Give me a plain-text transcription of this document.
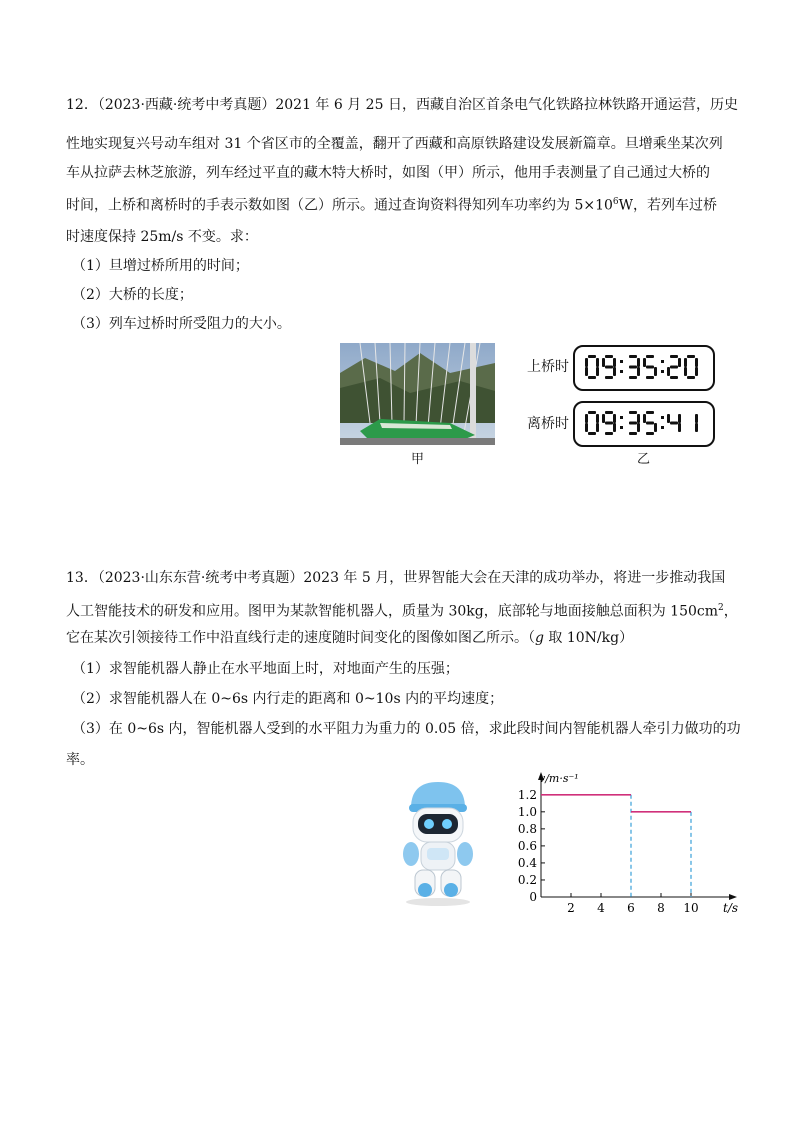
12．（2023·西藏·统考中考真题）2021 年 6 月 25 日，西藏自治区首条电气化铁路拉林铁路开通运营，历史
性地实现复兴号动车组对 31 个省区市的全覆盖，翻开了西藏和高原铁路建设发展新篇章。旦增乘坐某次列
车从拉萨去林芝旅游，列车经过平直的藏木特大桥时，如图（甲）所示，他用手表测量了自己通过大桥的
时间，上桥和离桥时的手表示数如图（乙）所示。通过查询资料得知列车功率约为 $5\times 10^6W$，若列车过桥
时速度保持 25m/s 不变。求：
（1）旦增过桥所用的时间；
（2）大桥的长度；
（3）列车过桥时所受阻力的大小。
甲
上桥时
离桥时
乙
13．（2023·山东东营·统考中考真题）2023 年 5 月，世界智能大会在天津的成功举办，将进一步推动我国
人工智能技术的研发和应用。图甲为某款智能机器人，质量为 30kg，底部轮与地面接触总面积为 $150cm^2$，
它在某次引领接待工作中沿直线行走的速度随时间变化的图像如图乙所示。（g 取 10N/kg）
（1）求智能机器人静止在水平地面上时，对地面产生的压强；
（2）求智能机器人在 0~6s 内行走的距离和 0~10s 内的平均速度；
（3）在 0~6s 内，智能机器人受到的水平阻力为重力的 0.05 倍，求此段时间内智能机器人牵引力做功的功
率。
0
0.2
0.4
0.6
0.8
1.0
1.2
2 4 6 8 10
v/m·s⁻¹
t/s
